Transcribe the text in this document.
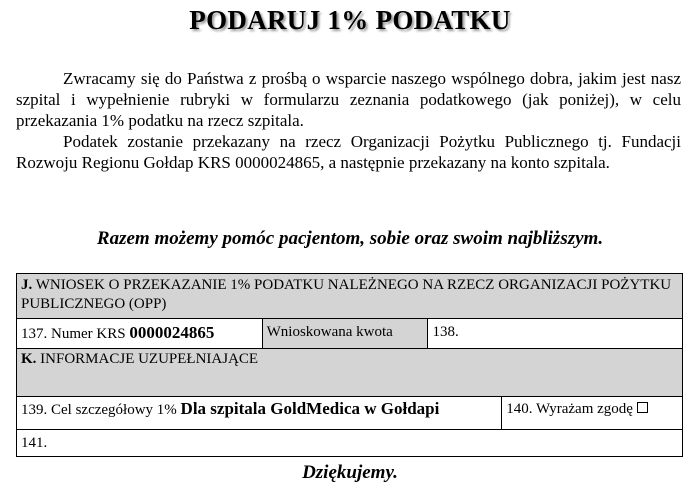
PODARUJ 1% PODATKU

Zwracamy się do Państwa z prośbą o wsparcie naszego wspólnego dobra, jakim jest nasz szpital i wypełnienie rubryki w formularzu zeznania podatkowego (jak poniżej), w celu przekazania 1% podatku na rzecz szpitala.

Podatek zostanie przekazany na rzecz Organizacji Pożytku Publicznego tj. Fundacji Rozwoju Regionu Gołdap KRS 0000024865, a następnie przekazany na konto szpitala.

Razem możemy pomóc pacjentom, sobie oraz swoim najbliższym.
J. WNIOSEK O PRZEKAZANIE 1% PODATKU NALEŻNEGO NA RZECZ ORGANIZACJI POŻYTKU PUBLICZNEGO (OPP)			
137. Numer KRS 0000024865	Wnioskowana kwota	138.	
K. INFORMACJE UZUPEŁNIAJĄCE			
139. Cel szczegółowy 1% Dla szpitala GoldMedica w Gołdapi			140. Wyrażam zgodę
141.			
Dziękujemy.
